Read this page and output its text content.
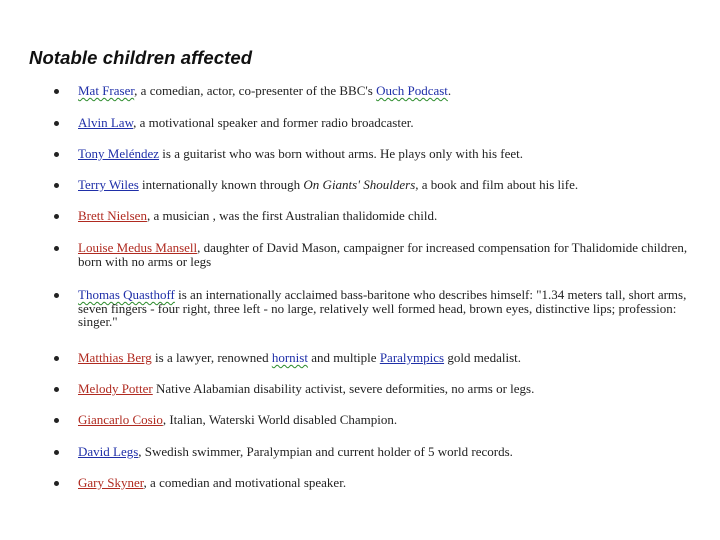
Notable children affected
Mat Fraser, a comedian, actor, co-presenter of the BBC's Ouch Podcast.
Alvin Law, a motivational speaker and former radio broadcaster.
Tony Meléndez is a guitarist who was born without arms. He plays only with his feet.
Terry Wiles internationally known through On Giants' Shoulders, a book and film about his life.
Brett Nielsen, a musician , was the first Australian thalidomide child.
Louise Medus Mansell, daughter of David Mason, campaigner for increased compensation for Thalidomide children, born with no arms or legs
Thomas Quasthoff is an internationally acclaimed bass-baritone who describes himself: "1.34 meters tall, short arms, seven fingers - four right, three left - no large, relatively well formed head, brown eyes, distinctive lips; profession: singer."
Matthias Berg is a lawyer, renowned hornist and multiple Paralympics gold medalist.
Melody Potter Native Alabamian disability activist, severe deformities, no arms or legs.
Giancarlo Cosio, Italian, Waterski World disabled Champion.
David Legs, Swedish swimmer, Paralympian and current holder of 5 world records.
Gary Skyner, a comedian and motivational speaker.
